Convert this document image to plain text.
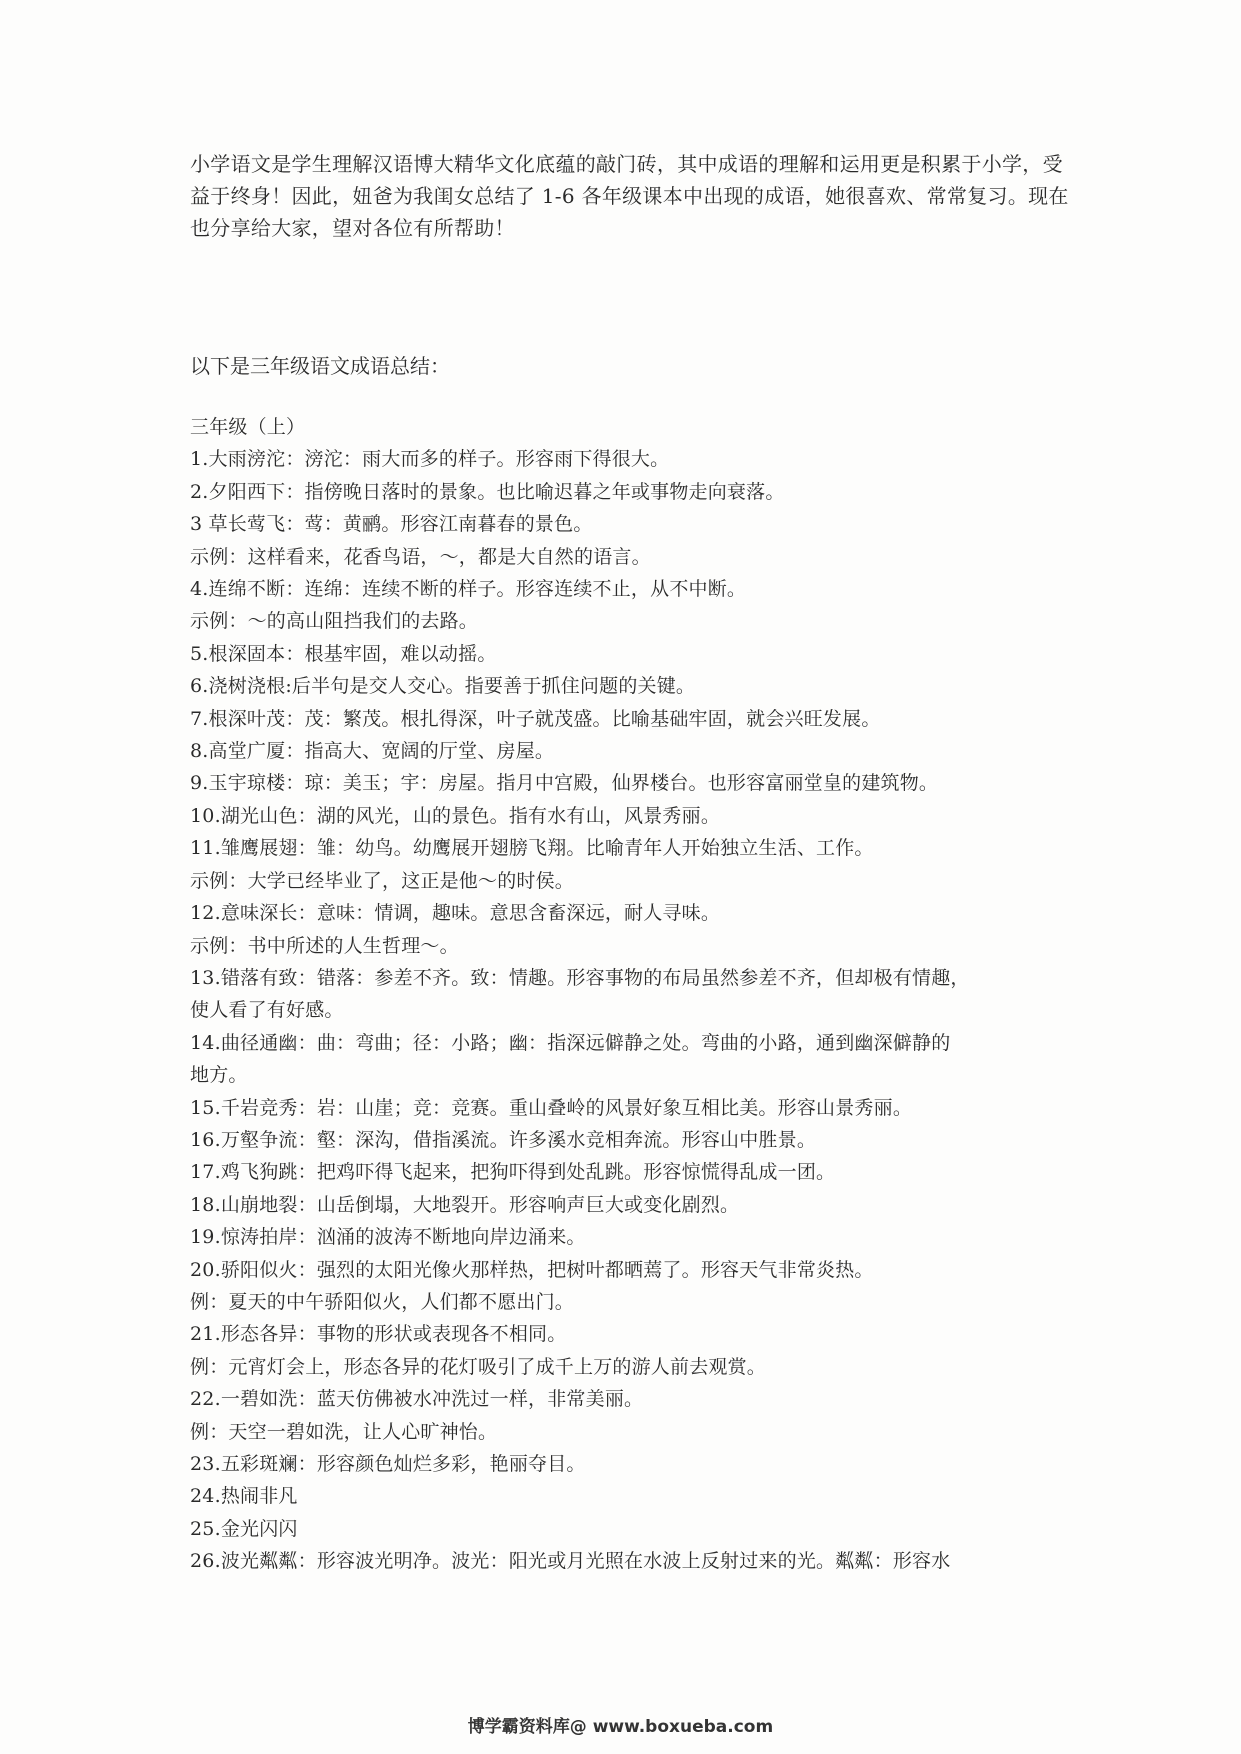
小学语文是学生理解汉语博大精华文化底蕴的敲门砖，其中成语的理解和运用更是积累于小学，受益于终身！因此，妞爸为我闺女总结了 1-6 各年级课本中出现的成语，她很喜欢、常常复习。现在也分享给大家，望对各位有所帮助！

以下是三年级语文成语总结：
三年级（上）
1.大雨滂沱：滂沱：雨大而多的样子。形容雨下得很大。
2.夕阳西下：指傍晚日落时的景象。也比喻迟暮之年或事物走向衰落。
3 草长莺飞：莺：黄鹂。形容江南暮春的景色。
示例：这样看来，花香鸟语，～，都是大自然的语言。
4.连绵不断：连绵：连续不断的样子。形容连续不止，从不中断。
示例：～的高山阻挡我们的去路。
5.根深固本：根基牢固，难以动摇。
6.浇树浇根:后半句是交人交心。指要善于抓住问题的关键。
7.根深叶茂：茂：繁茂。根扎得深，叶子就茂盛。比喻基础牢固，就会兴旺发展。
8.高堂广厦：指高大、宽阔的厅堂、房屋。
9.玉宇琼楼：琼：美玉；宇：房屋。指月中宫殿，仙界楼台。也形容富丽堂皇的建筑物。
10.湖光山色：湖的风光，山的景色。指有水有山，风景秀丽。
11.雏鹰展翅：雏：幼鸟。幼鹰展开翅膀飞翔。比喻青年人开始独立生活、工作。
示例：大学已经毕业了，这正是他～的时侯。
12.意味深长：意味：情调，趣味。意思含畜深远，耐人寻味。
示例：书中所述的人生哲理～。
13.错落有致：错落：参差不齐。致：情趣。形容事物的布局虽然参差不齐，但却极有情趣，
使人看了有好感。
14.曲径通幽：曲：弯曲；径：小路；幽：指深远僻静之处。弯曲的小路，通到幽深僻静的
地方。
15.千岩竞秀：岩：山崖；竞：竞赛。重山叠岭的风景好象互相比美。形容山景秀丽。
16.万壑争流：壑：深沟，借指溪流。许多溪水竞相奔流。形容山中胜景。
17.鸡飞狗跳：把鸡吓得飞起来，把狗吓得到处乱跳。形容惊慌得乱成一团。
18.山崩地裂：山岳倒塌，大地裂开。形容响声巨大或变化剧烈。
19.惊涛拍岸：汹涌的波涛不断地向岸边涌来。
20.骄阳似火：强烈的太阳光像火那样热，把树叶都晒蔫了。形容天气非常炎热。
例：夏天的中午骄阳似火，人们都不愿出门。
21.形态各异：事物的形状或表现各不相同。
例：元宵灯会上，形态各异的花灯吸引了成千上万的游人前去观赏。
22.一碧如洗：蓝天仿佛被水冲洗过一样，非常美丽。
例：天空一碧如洗，让人心旷神怡。
23.五彩斑斓：形容颜色灿烂多彩，艳丽夺目。
24.热闹非凡
25.金光闪闪
26.波光粼粼：形容波光明净。波光：阳光或月光照在水波上反射过来的光。粼粼：形容水
博学霸资料库@ www.boxueba.com
